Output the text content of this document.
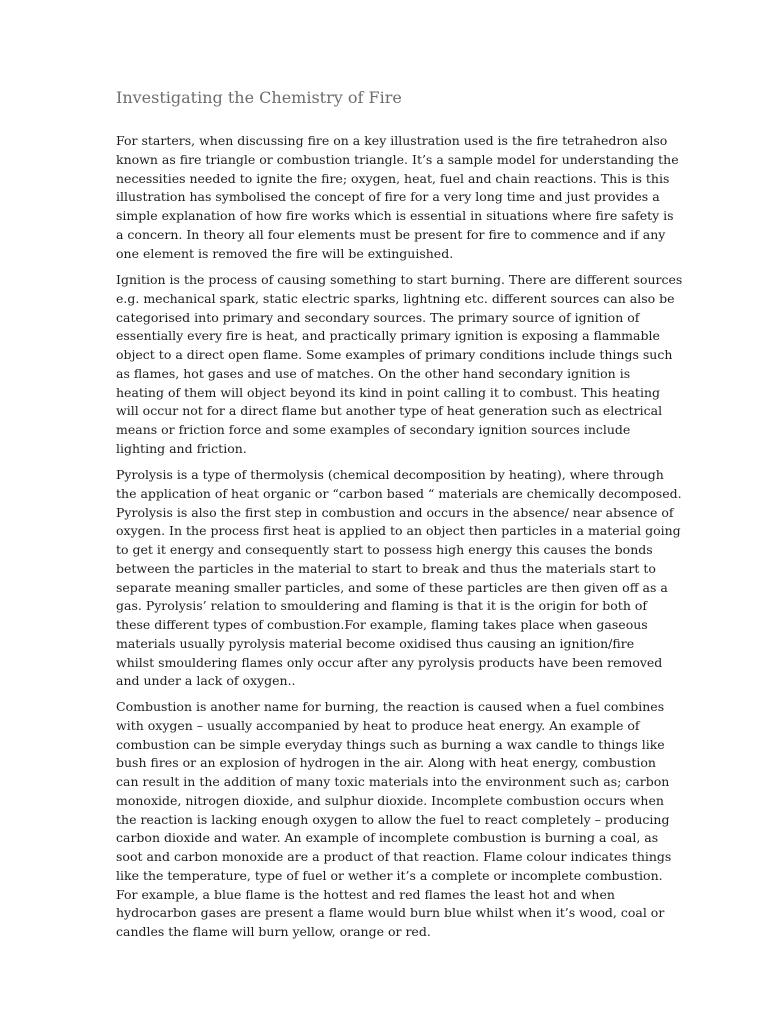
Investigating the Chemistry of Fire

For starters, when discussing fire on a key illustration used is the fire tetrahedron also
known as fire triangle or combustion triangle. It’s a sample model for understanding the
necessities needed to ignite the fire; oxygen, heat, fuel and chain reactions. This is this
illustration has symbolised the concept of fire for a very long time and just provides a
simple explanation of how fire works which is essential in situations where fire safety is
a concern. In theory all four elements must be present for fire to commence and if any
one element is removed the fire will be extinguished.

Ignition is the process of causing something to start burning. There are different sources
e.g. mechanical spark, static electric sparks, lightning etc. different sources can also be
categorised into primary and secondary sources. The primary source of ignition of
essentially every fire is heat, and practically primary ignition is exposing a flammable
object to a direct open flame. Some examples of primary conditions include things such
as flames, hot gases and use of matches. On the other hand secondary ignition is
heating of them will object beyond its kind in point calling it to combust. This heating
will occur not for a direct flame but another type of heat generation such as electrical
means or friction force and some examples of secondary ignition sources include
lighting and friction.

Pyrolysis is a type of thermolysis (chemical decomposition by heating), where through
the application of heat organic or “carbon based “ materials are chemically decomposed.
Pyrolysis is also the first step in combustion and occurs in the absence/ near absence of
oxygen. In the process first heat is applied to an object then particles in a material going
to get it energy and consequently start to possess high energy this causes the bonds
between the particles in the material to start to break and thus the materials start to
separate meaning smaller particles, and some of these particles are then given off as a
gas. Pyrolysis’ relation to smouldering and flaming is that it is the origin for both of
these different types of combustion.For example, flaming takes place when gaseous
materials usually pyrolysis material become oxidised thus causing an ignition/fire
whilst smouldering flames only occur after any pyrolysis products have been removed
and under a lack of oxygen..

Combustion is another name for burning, the reaction is caused when a fuel combines
with oxygen – usually accompanied by heat to produce heat energy. An example of
combustion can be simple everyday things such as burning a wax candle to things like
bush fires or an explosion of hydrogen in the air. Along with heat energy, combustion
can result in the addition of many toxic materials into the environment such as; carbon
monoxide, nitrogen dioxide, and sulphur dioxide. Incomplete combustion occurs when
the reaction is lacking enough oxygen to allow the fuel to react completely – producing
carbon dioxide and water. An example of incomplete combustion is burning a coal, as
soot and carbon monoxide are a product of that reaction. Flame colour indicates things
like the temperature, type of fuel or wether it’s a complete or incomplete combustion.
For example, a blue flame is the hottest and red flames the least hot and when
hydrocarbon gases are present a flame would burn blue whilst when it’s wood, coal or
candles the flame will burn yellow, orange or red.
